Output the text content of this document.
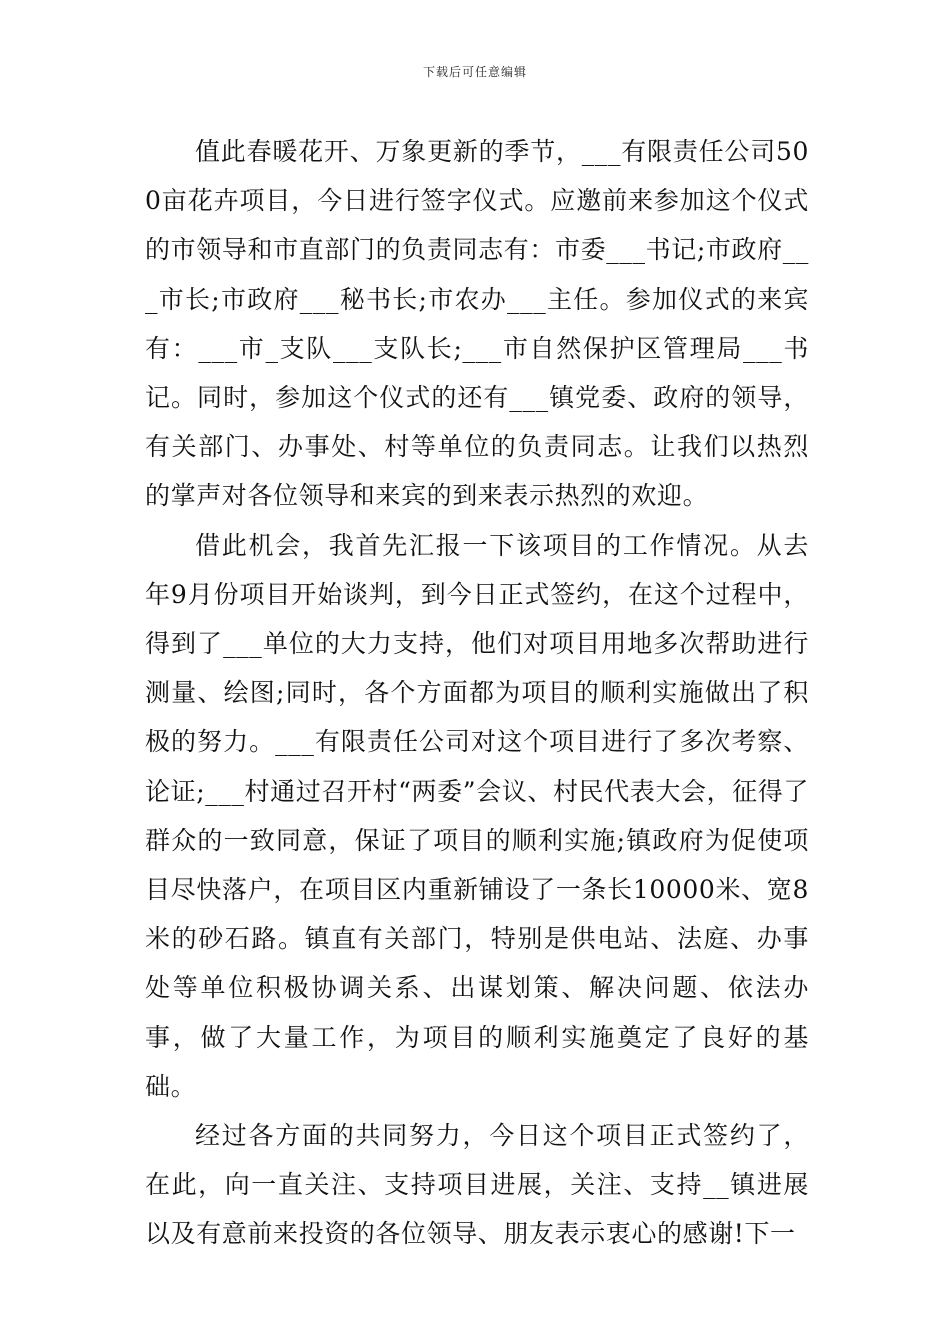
下载后可任意编辑

值此春暖花开、万象更新的季节，___有限责任公司500亩花卉项目，今日进行签字仪式。应邀前来参加这个仪式的市领导和市直部门的负责同志有：市委___书记;市政府___市长;市政府___秘书长;市农办___主任。参加仪式的来宾有：___市_支队___支队长;___市自然保护区管理局___书记。同时，参加这个仪式的还有___镇党委、政府的领导，有关部门、办事处、村等单位的负责同志。让我们以热烈的掌声对各位领导和来宾的到来表示热烈的欢迎。

借此机会，我首先汇报一下该项目的工作情况。从去年9月份项目开始谈判，到今日正式签约，在这个过程中，得到了___单位的大力支持，他们对项目用地多次帮助进行测量、绘图;同时，各个方面都为项目的顺利实施做出了积极的努力。___有限责任公司对这个项目进行了多次考察、论证;___村通过召开村“两委”会议、村民代表大会，征得了群众的一致同意，保证了项目的顺利实施;镇政府为促使项目尽快落户，在项目区内重新铺设了一条长10000米、宽8米的砂石路。镇直有关部门，特别是供电站、法庭、办事处等单位积极协调关系、出谋划策、解决问题、依法办事，做了大量工作，为项目的顺利实施奠定了良好的基础。

经过各方面的共同努力，今日这个项目正式签约了，在此，向一直关注、支持项目进展，关注、支持__镇进展以及有意前来投资的各位领导、朋友表示衷心的感谢!下一
